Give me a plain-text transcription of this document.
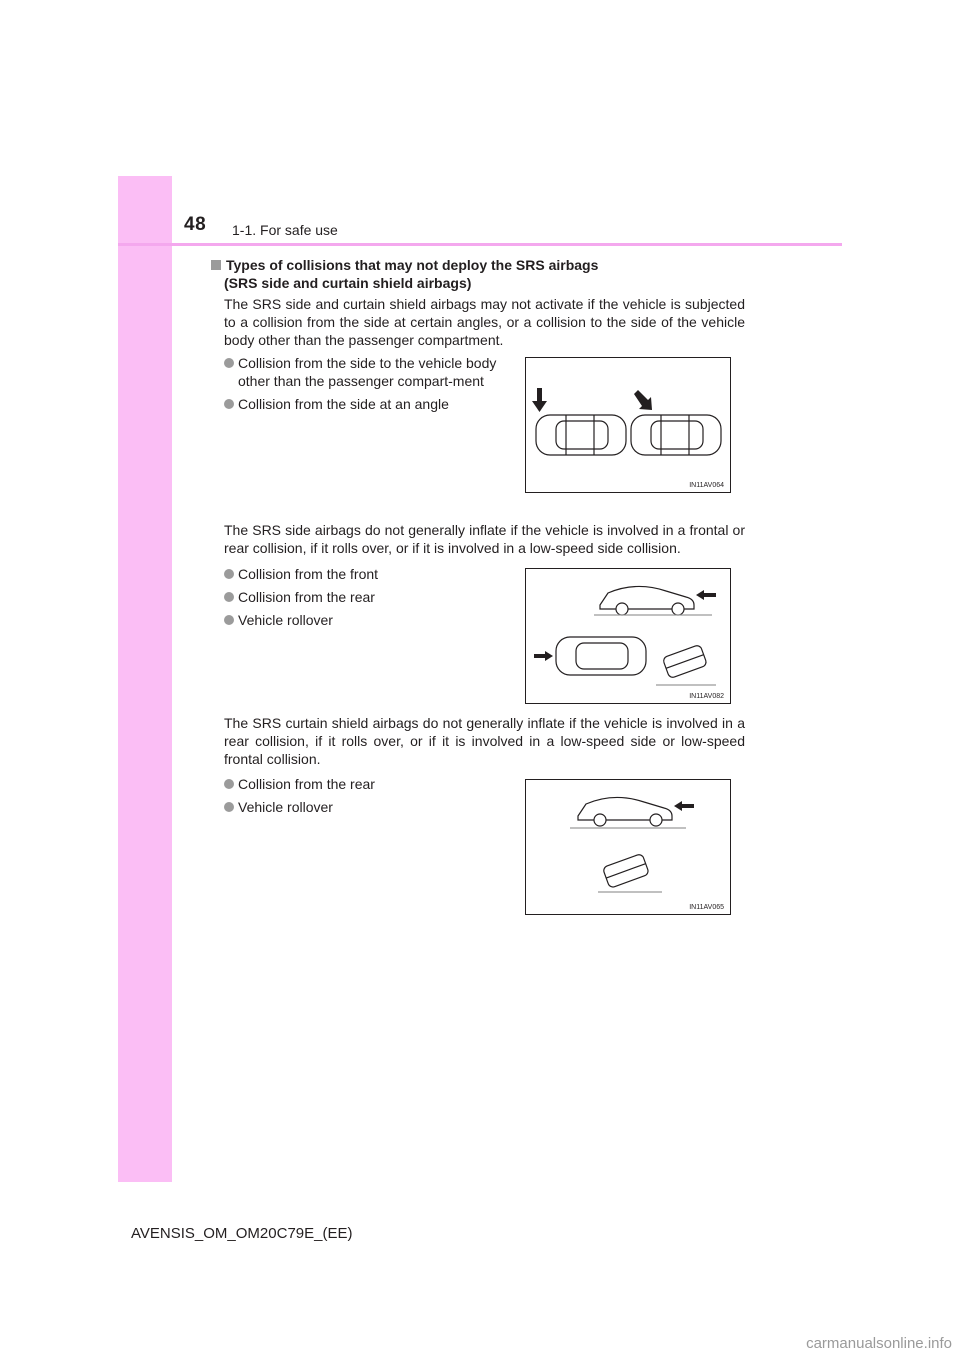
48 1-1. For safe use
Types of collisions that may not deploy the SRS airbags
(SRS side and curtain shield airbags)
The SRS side and curtain shield airbags may not activate if the vehicle is subjected to a collision from the side at certain angles, or a collision to the side of the vehicle body other than the passenger compartment.
Collision from the side to the vehicle body other than the passenger compart-ment
Collision from the side at an angle
IN11AV064
The SRS side airbags do not generally inflate if the vehicle is involved in a frontal or rear collision, if it rolls over, or if it is involved in a low-speed side collision.
Collision from the front
Collision from the rear
Vehicle rollover
IN11AV082
The SRS curtain shield airbags do not generally inflate if the vehicle is involved in a rear collision, if it rolls over, or if it is involved in a low-speed side or low-speed frontal collision.
Collision from the rear
Vehicle rollover
IN11AV065
AVENSIS_OM_OM20C79E_(EE)
carmanualsonline.info
